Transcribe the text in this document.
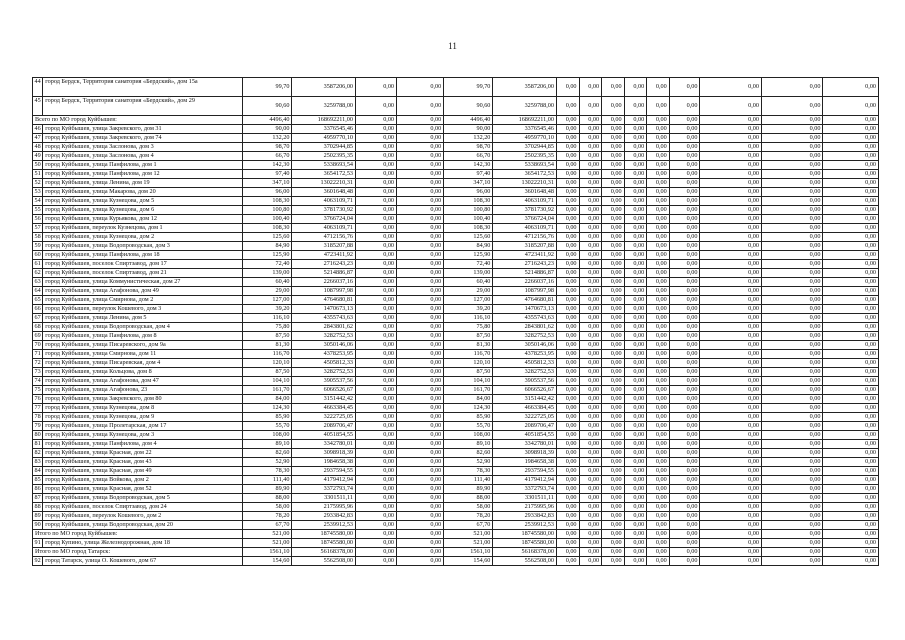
11
44	город Бердск, Территория санатория «Бердский», дом 15а	99,70	3587206,00	0,00	0,00	99,70	3587206,00	0,00	0,00	0,00	0,00	0,00	0,00	0,00	0,00	0,00
45	город Бердск, Территория санатория «Бердский», дом 29	90,60	3259788,00	0,00	0,00	90,60	3259788,00	0,00	0,00	0,00	0,00	0,00	0,00	0,00	0,00	0,00
Всего по МО город Куйбышев:		4496,40	168692211,00	0,00	0,00	4496,40	168692211,00	0,00	0,00	0,00	0,00	0,00	0,00	0,00	0,00	0,00
46	город Куйбышев, улица Закревского, дом 31	90,00	3376545,46	0,00	0,00	90,00	3376545,46	0,00	0,00	0,00	0,00	0,00	0,00	0,00	0,00	0,00
47	город Куйбышев, улица Закревского, дом 74	132,20	4959770,10	0,00	0,00	132,20	4959770,10	0,00	0,00	0,00	0,00	0,00	0,00	0,00	0,00	0,00
48	город Куйбышев, улица Заслонова, дом 3	98,70	3702944,85	0,00	0,00	98,70	3702944,85	0,00	0,00	0,00	0,00	0,00	0,00	0,00	0,00	0,00
49	город Куйбышев, улица Заслонова, дом 4	66,70	2502395,35	0,00	0,00	66,70	2502395,35	0,00	0,00	0,00	0,00	0,00	0,00	0,00	0,00	0,00
50	город Куйбышев, улица Панфилова, дом 1	142,30	5338693,54	0,00	0,00	142,30	5338693,54	0,00	0,00	0,00	0,00	0,00	0,00	0,00	0,00	0,00
51	город Куйбышев, улица Панфилова, дом 12	97,40	3654172,53	0,00	0,00	97,40	3654172,53	0,00	0,00	0,00	0,00	0,00	0,00	0,00	0,00	0,00
52	город Куйбышев, улица Ленина, дом 19	347,10	13022210,31	0,00	0,00	347,10	13022210,31	0,00	0,00	0,00	0,00	0,00	0,00	0,00	0,00	0,00
53	город Куйбышев, улица Макарова, дом 20	96,00	3601648,48	0,00	0,00	96,00	3601648,48	0,00	0,00	0,00	0,00	0,00	0,00	0,00	0,00	0,00
54	город Куйбышев, улица Кузнецова, дом 5	108,30	4063109,71	0,00	0,00	108,30	4063109,71	0,00	0,00	0,00	0,00	0,00	0,00	0,00	0,00	0,00
55	город Куйбышев, улица Кузнецова, дом 6	100,80	3781730,92	0,00	0,00	100,80	3781730,92	0,00	0,00	0,00	0,00	0,00	0,00	0,00	0,00	0,00
56	город Куйбышев, улица Курьякова, дом 12	100,40	3766724,04	0,00	0,00	100,40	3766724,04	0,00	0,00	0,00	0,00	0,00	0,00	0,00	0,00	0,00
57	город Куйбышев, переулок Кузнецова, дом 1	108,30	4063109,71	0,00	0,00	108,30	4063109,71	0,00	0,00	0,00	0,00	0,00	0,00	0,00	0,00	0,00
58	город Куйбышев, улица Кузнецова, дом 2	125,60	4712156,76	0,00	0,00	125,60	4712156,76	0,00	0,00	0,00	0,00	0,00	0,00	0,00	0,00	0,00
59	город Куйбышев, улица Водопроводская, дом 3	84,90	3185207,88	0,00	0,00	84,90	3185207,88	0,00	0,00	0,00	0,00	0,00	0,00	0,00	0,00	0,00
60	город Куйбышев, улица Панфилова, дом 18	125,90	4723411,92	0,00	0,00	125,90	4723411,92	0,00	0,00	0,00	0,00	0,00	0,00	0,00	0,00	0,00
61	город Куйбышев, поселок Спиртзавод, дом 17	72,40	2716243,23	0,00	0,00	72,40	2716243,23	0,00	0,00	0,00	0,00	0,00	0,00	0,00	0,00	0,00
62	город Куйбышев, поселок Спиртзавод, дом 21	139,00	5214886,87	0,00	0,00	139,00	5214886,87	0,00	0,00	0,00	0,00	0,00	0,00	0,00	0,00	0,00
63	город Куйбышев, улица Коммунистическая, дом 27	60,40	2266037,16	0,00	0,00	60,40	2266037,16	0,00	0,00	0,00	0,00	0,00	0,00	0,00	0,00	0,00
64	город Куйбышев, улица Агафонова, дом 49	29,00	1087997,98	0,00	0,00	29,00	1087997,98	0,00	0,00	0,00	0,00	0,00	0,00	0,00	0,00	0,00
65	город Куйбышев, улица Смирнова, дом 2	127,00	4764680,81	0,00	0,00	127,00	4764680,81	0,00	0,00	0,00	0,00	0,00	0,00	0,00	0,00	0,00
66	город Куйбышев, переулок Кошевого, дом 3	39,20	1470673,13	0,00	0,00	39,20	1470673,13	0,00	0,00	0,00	0,00	0,00	0,00	0,00	0,00	0,00
67	город Куйбышев, улица Ленина, дом 5	116,10	4355743,63	0,00	0,00	116,10	4355743,63	0,00	0,00	0,00	0,00	0,00	0,00	0,00	0,00	0,00
68	город Куйбышев, улица Водопроводская, дом 4	75,80	2843801,62	0,00	0,00	75,80	2843801,62	0,00	0,00	0,00	0,00	0,00	0,00	0,00	0,00	0,00
69	город Куйбышев, улица Панфилова, дом 8	87,50	3282752,53	0,00	0,00	87,50	3282752,53	0,00	0,00	0,00	0,00	0,00	0,00	0,00	0,00	0,00
70	город Куйбышев, улица Писаревского, дом 9а	81,30	3050146,06	0,00	0,00	81,30	3050146,06	0,00	0,00	0,00	0,00	0,00	0,00	0,00	0,00	0,00
71	город Куйбышев, улица Смирнова, дом 11	116,70	4378253,95	0,00	0,00	116,70	4378253,95	0,00	0,00	0,00	0,00	0,00	0,00	0,00	0,00	0,00
72	город Куйбышев, улица Писаревская, дом 4	120,10	4505812,33	0,00	0,00	120,10	4505812,33	0,00	0,00	0,00	0,00	0,00	0,00	0,00	0,00	0,00
73	город Куйбышев, улица Кольцова, дом 8	87,50	3282752,53	0,00	0,00	87,50	3282752,53	0,00	0,00	0,00	0,00	0,00	0,00	0,00	0,00	0,00
74	город Куйбышев, улица Агафонова, дом 47	104,10	3905537,56	0,00	0,00	104,10	3905537,56	0,00	0,00	0,00	0,00	0,00	0,00	0,00	0,00	0,00
75	город Куйбышев, улица Агафонова, 23	161,70	6066526,67	0,00	0,00	161,70	6066526,67	0,00	0,00	0,00	0,00	0,00	0,00	0,00	0,00	0,00
76	город Куйбышев, улица Закревского, дом 80	84,00	3151442,42	0,00	0,00	84,00	3151442,42	0,00	0,00	0,00	0,00	0,00	0,00	0,00	0,00	0,00
77	город Куйбышев, улица Кузнецова, дом 8	124,30	4663384,45	0,00	0,00	124,30	4663384,45	0,00	0,00	0,00	0,00	0,00	0,00	0,00	0,00	0,00
78	город Куйбышев, улица Кузнецова, дом 9	85,90	3222725,05	0,00	0,00	85,90	3222725,05	0,00	0,00	0,00	0,00	0,00	0,00	0,00	0,00	0,00
79	город Куйбышев, улица Пролетарская, дом 17	55,70	2089706,47	0,00	0,00	55,70	2089706,47	0,00	0,00	0,00	0,00	0,00	0,00	0,00	0,00	0,00
80	город Куйбышев, улица Кузнецова, дом 3	108,00	4051854,55	0,00	0,00	108,00	4051854,55	0,00	0,00	0,00	0,00	0,00	0,00	0,00	0,00	0,00
81	город Куйбышев, улица Панфилова, дом 4	89,10	3342780,01	0,00	0,00	89,10	3342780,01	0,00	0,00	0,00	0,00	0,00	0,00	0,00	0,00	0,00
82	город Куйбышев, улица Красная, дом 22	82,60	3098918,39	0,00	0,00	82,60	3098918,39	0,00	0,00	0,00	0,00	0,00	0,00	0,00	0,00	0,00
83	город Куйбышев, улица Красная, дом 43	52,90	1984658,38	0,00	0,00	52,90	1984658,38	0,00	0,00	0,00	0,00	0,00	0,00	0,00	0,00	0,00
84	город Куйбышев, улица Красная, дом 49	78,30	2937594,55	0,00	0,00	78,30	2937594,55	0,00	0,00	0,00	0,00	0,00	0,00	0,00	0,00	0,00
85	город Куйбышев, улица Войкова, дом 2	111,40	4179412,94	0,00	0,00	111,40	4179412,94	0,00	0,00	0,00	0,00	0,00	0,00	0,00	0,00	0,00
86	город Куйбышев, улица Красная, дом 52	89,90	3372793,74	0,00	0,00	89,90	3372793,74	0,00	0,00	0,00	0,00	0,00	0,00	0,00	0,00	0,00
87	город Куйбышев, улица Водопроводская, дом 5	88,00	3301511,11	0,00	0,00	88,00	3301511,11	0,00	0,00	0,00	0,00	0,00	0,00	0,00	0,00	0,00
88	город Куйбышев, поселок Спиртзавод, дом 24	58,00	2175995,96	0,00	0,00	58,00	2175995,96	0,00	0,00	0,00	0,00	0,00	0,00	0,00	0,00	0,00
89	город Куйбышев, переулок Кошевого, дом 2	78,20	2933842,83	0,00	0,00	78,20	2933842,83	0,00	0,00	0,00	0,00	0,00	0,00	0,00	0,00	0,00
90	город Куйбышев, улица Водопроводская, дом 20	67,70	2539912,53	0,00	0,00	67,70	2539912,53	0,00	0,00	0,00	0,00	0,00	0,00	0,00	0,00	0,00
Итого по МО город Куйбышев:		521,00	18745580,00	0,00	0,00	521,00	18745580,00	0,00	0,00	0,00	0,00	0,00	0,00	0,00	0,00	0,00
91	город Купино, улица Железнодорожная, дом 18	521,00	18745580,00	0,00	0,00	521,00	18745580,00	0,00	0,00	0,00	0,00	0,00	0,00	0,00	0,00	0,00
Итого по МО город Татарск:		1561,10	56168378,00	0,00	0,00	1561,10	56168378,00	0,00	0,00	0,00	0,00	0,00	0,00	0,00	0,00	0,00
92	город Татарск, улица О. Кошевого, дом 67	154,60	5562508,00	0,00	0,00	154,60	5562508,00	0,00	0,00	0,00	0,00	0,00	0,00	0,00	0,00	0,00
